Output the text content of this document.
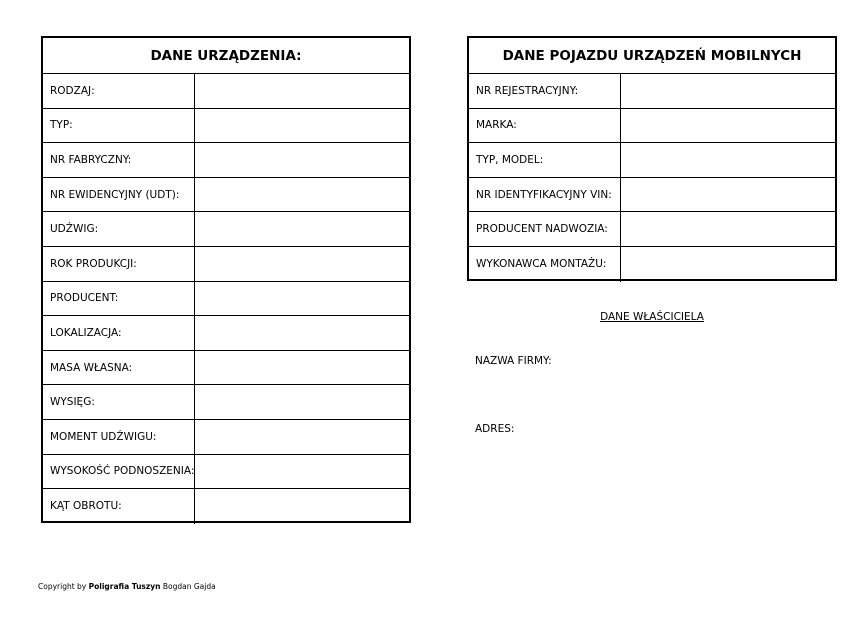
DANE URZĄDZENIA:
RODZAJ:
TYP:
NR FABRYCZNY:
NR EWIDENCYJNY (UDT):
UDŹWIG:
ROK PRODUKCJI:
PRODUCENT:
LOKALIZACJA:
MASA WŁASNA:
WYSIĘG:
MOMENT UDŹWIGU:
WYSOKOŚĆ PODNOSZENIA:
KĄT OBROTU:
DANE POJAZDU URZĄDZEŃ MOBILNYCH
NR REJESTRACYJNY:
MARKA:
TYP, MODEL:
NR IDENTYFIKACYJNY VIN:
PRODUCENT NADWOZIA:
WYKONAWCA MONTAŻU:
DANE WŁAŚCICIELA
NAZWA FIRMY:
ADRES:
Copyright by Poligrafia Tuszyn Bogdan Gajda
